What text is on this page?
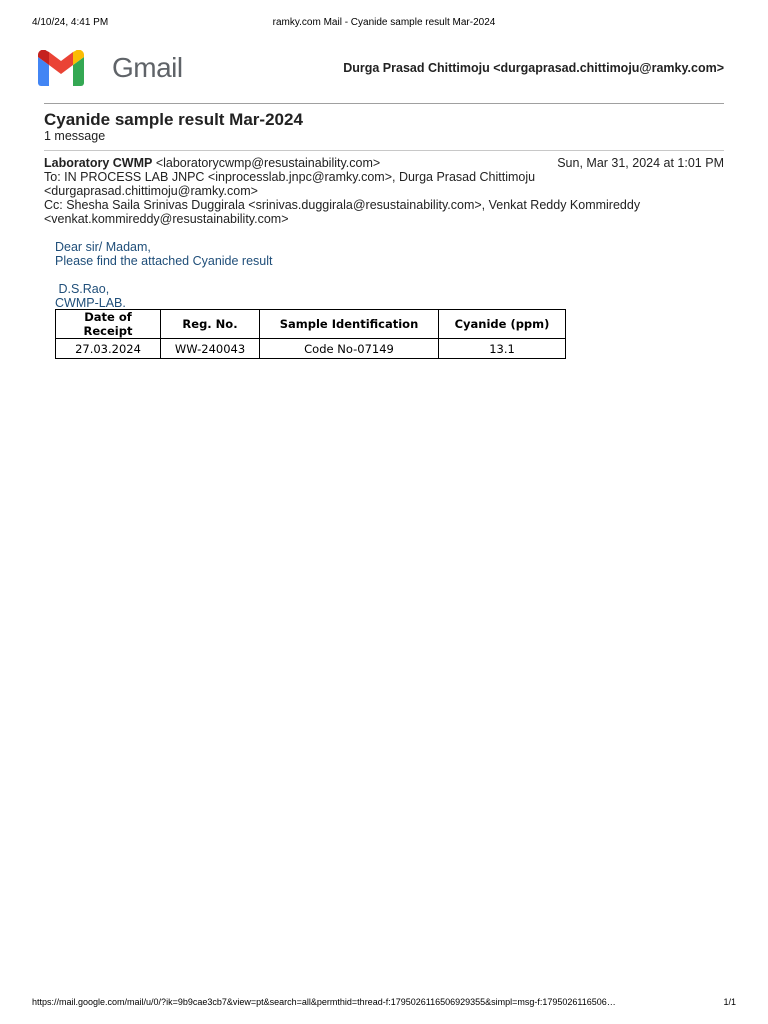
4/10/24, 4:41 PM	ramky.com Mail - Cyanide sample result Mar-2024
Gmail	Durga Prasad Chittimoju <durgaprasad.chittimoju@ramky.com>
Cyanide sample result Mar-2024
1 message
Laboratory CWMP <laboratorycwmp@resustainability.com>	Sun, Mar 31, 2024 at 1:01 PM
To: IN PROCESS LAB JNPC <inprocesslab.jnpc@ramky.com>, Durga Prasad Chittimoju
<durgaprasad.chittimoju@ramky.com>
Cc: Shesha Saila Srinivas Duggirala <srinivas.duggirala@resustainability.com>, Venkat Reddy Kommireddy
<venkat.kommireddy@resustainability.com>

Dear sir/ Madam,

Please find the attached Cyanide result

D.S.Rao,

CWMP-LAB.

Date of Receipt	Reg. No.	Sample Identification	Cyanide (ppm)
27.03.2024	WW-240043	Code No-07149	13.1
https://mail.google.com/mail/u/0/?ik=9b9cae3cb7&view=pt&search=all&permthid=thread-f:1795026116506929355&simpl=msg-f:1795026116506…	1/1
